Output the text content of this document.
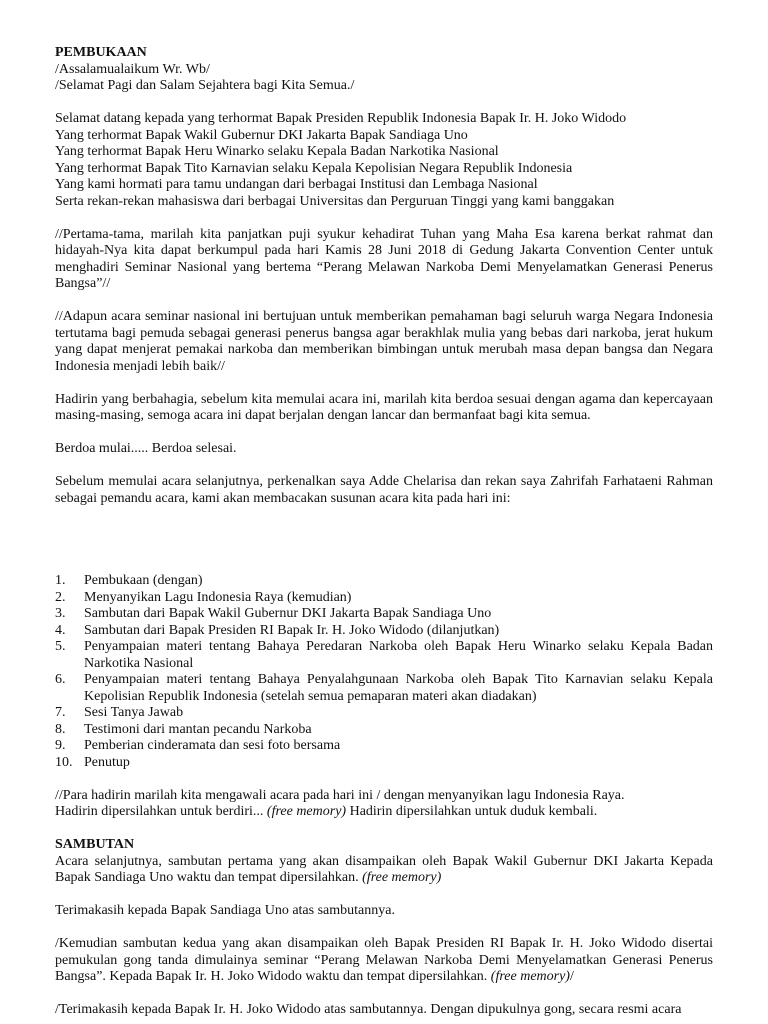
PEMBUKAAN
/Assalamualaikum Wr. Wb/
/Selamat Pagi dan Salam Sejahtera bagi Kita Semua./
Selamat datang kepada yang terhormat Bapak Presiden Republik Indonesia Bapak Ir. H. Joko Widodo
Yang terhormat Bapak Wakil Gubernur DKI Jakarta Bapak Sandiaga Uno
Yang terhormat Bapak Heru Winarko selaku Kepala Badan Narkotika Nasional
Yang terhormat Bapak Tito Karnavian selaku Kepala Kepolisian Negara Republik Indonesia
Yang kami hormati para tamu undangan dari berbagai Institusi dan Lembaga Nasional
Serta rekan-rekan mahasiswa dari berbagai Universitas dan Perguruan Tinggi yang kami banggakan
//Pertama-tama, marilah kita panjatkan puji syukur kehadirat Tuhan yang Maha Esa karena berkat rahmat dan hidayah-Nya kita dapat berkumpul pada hari Kamis 28 Juni 2018 di Gedung Jakarta Convention Center untuk menghadiri Seminar Nasional yang bertema “Perang Melawan Narkoba Demi Menyelamatkan Generasi Penerus Bangsa”//
//Adapun acara seminar nasional ini bertujuan untuk memberikan pemahaman bagi seluruh warga Negara Indonesia tertutama bagi pemuda sebagai generasi penerus bangsa agar berakhlak mulia yang bebas dari narkoba, jerat hukum yang dapat menjerat pemakai narkoba dan memberikan bimbingan untuk merubah masa depan bangsa dan Negara Indonesia menjadi lebih baik//
Hadirin yang berbahagia, sebelum kita memulai acara ini, marilah kita berdoa sesuai dengan agama dan kepercayaan masing-masing, semoga acara ini dapat berjalan dengan lancar dan bermanfaat bagi kita semua.
Berdoa mulai..... Berdoa selesai.
Sebelum memulai acara selanjutnya, perkenalkan saya Adde Chelarisa dan rekan saya Zahrifah Farhataeni Rahman sebagai pemandu acara, kami akan membacakan susunan acara kita pada hari ini:
1.	Pembukaan (dengan)
2.	Menyanyikan Lagu Indonesia Raya (kemudian)
3.	Sambutan dari Bapak Wakil Gubernur DKI Jakarta Bapak Sandiaga Uno
4.	Sambutan dari Bapak Presiden RI Bapak Ir. H. Joko Widodo (dilanjutkan)
5.	Penyampaian materi tentang Bahaya Peredaran Narkoba oleh Bapak Heru Winarko selaku Kepala Badan Narkotika Nasional
6.	Penyampaian materi tentang Bahaya Penyalahgunaan Narkoba oleh Bapak Tito Karnavian selaku Kepala Kepolisian Republik Indonesia (setelah semua pemaparan materi akan diadakan)
7.	Sesi Tanya Jawab
8.	Testimoni dari mantan pecandu Narkoba
9.	Pemberian cinderamata dan sesi foto bersama
10. Penutup
//Para hadirin marilah kita mengawali acara pada hari ini / dengan menyanyikan lagu Indonesia Raya.
Hadirin dipersilahkan untuk berdiri... (free memory) Hadirin dipersilahkan untuk duduk kembali.
SAMBUTAN
Acara selanjutnya, sambutan pertama yang akan disampaikan oleh Bapak Wakil Gubernur DKI Jakarta Kepada Bapak Sandiaga Uno waktu dan tempat dipersilahkan. (free memory)
Terimakasih kepada Bapak Sandiaga Uno atas sambutannya.
/Kemudian sambutan kedua yang akan disampaikan oleh Bapak Presiden RI Bapak Ir. H. Joko Widodo disertai pemukulan gong tanda dimulainya seminar “Perang Melawan Narkoba Demi Menyelamatkan Generasi Penerus Bangsa”. Kepada Bapak Ir. H. Joko Widodo waktu dan tempat dipersilahkan. (free memory)/
/Terimakasih kepada Bapak Ir. H. Joko Widodo atas sambutannya. Dengan dipukulnya gong, secara resmi acara
